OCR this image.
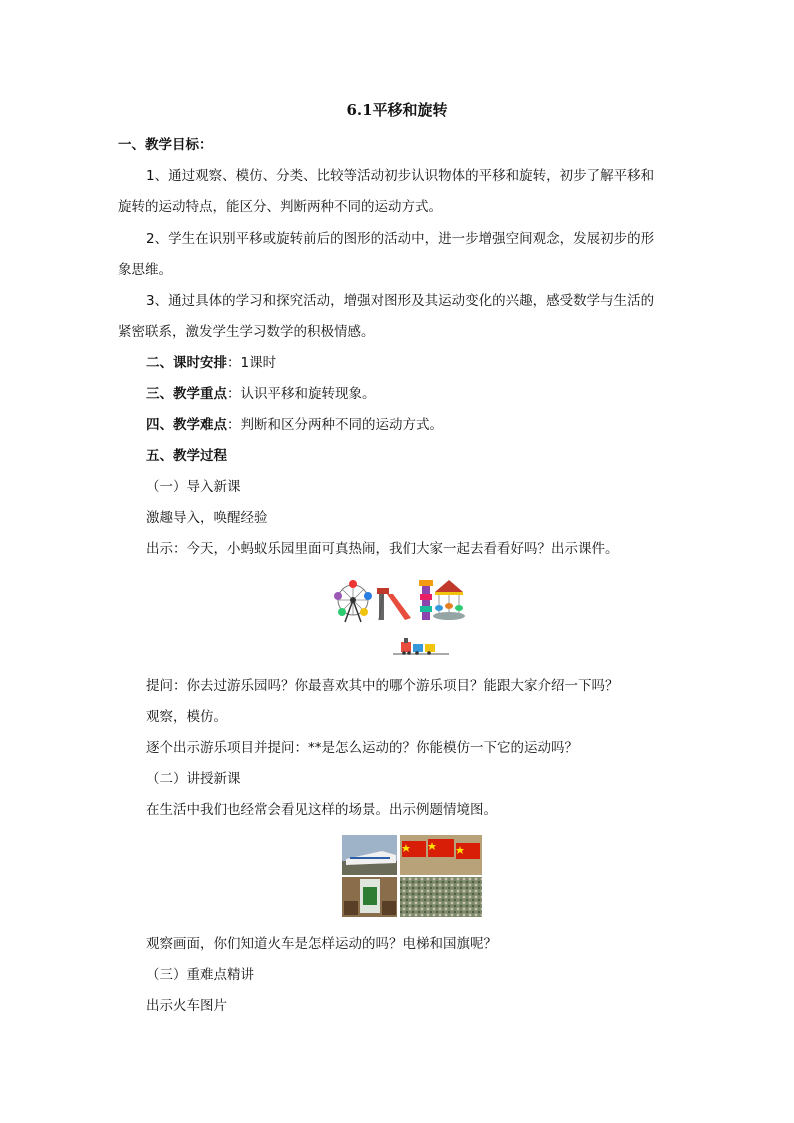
6.1平移和旋转
一、教学目标：
1、通过观察、模仿、分类、比较等活动初步认识物体的平移和旋转，初步了解平移和
旋转的运动特点，能区分、判断两种不同的运动方式。
2、学生在识别平移或旋转前后的图形的活动中，进一步增强空间观念，发展初步的形
象思维。
3、通过具体的学习和探究活动，增强对图形及其运动变化的兴趣，感受数学与生活的
紧密联系，激发学生学习数学的积极情感。
二、课时安排：1课时
三、教学重点：认识平移和旋转现象。
四、教学难点：判断和区分两种不同的运动方式。
五、教学过程
（一）导入新课
激趣导入，唤醒经验
出示：今天，小蚂蚁乐园里面可真热闹，我们大家一起去看看好吗？出示课件。
提问：你去过游乐园吗？你最喜欢其中的哪个游乐项目？能跟大家介绍一下吗？
观察，模仿。
逐个出示游乐项目并提问：**是怎么运动的？你能模仿一下它的运动吗？
（二）讲授新课
在生活中我们也经常会看见这样的场景。出示例题情境图。
观察画面，你们知道火车是怎样运动的吗？电梯和国旗呢？
（三）重难点精讲
出示火车图片
